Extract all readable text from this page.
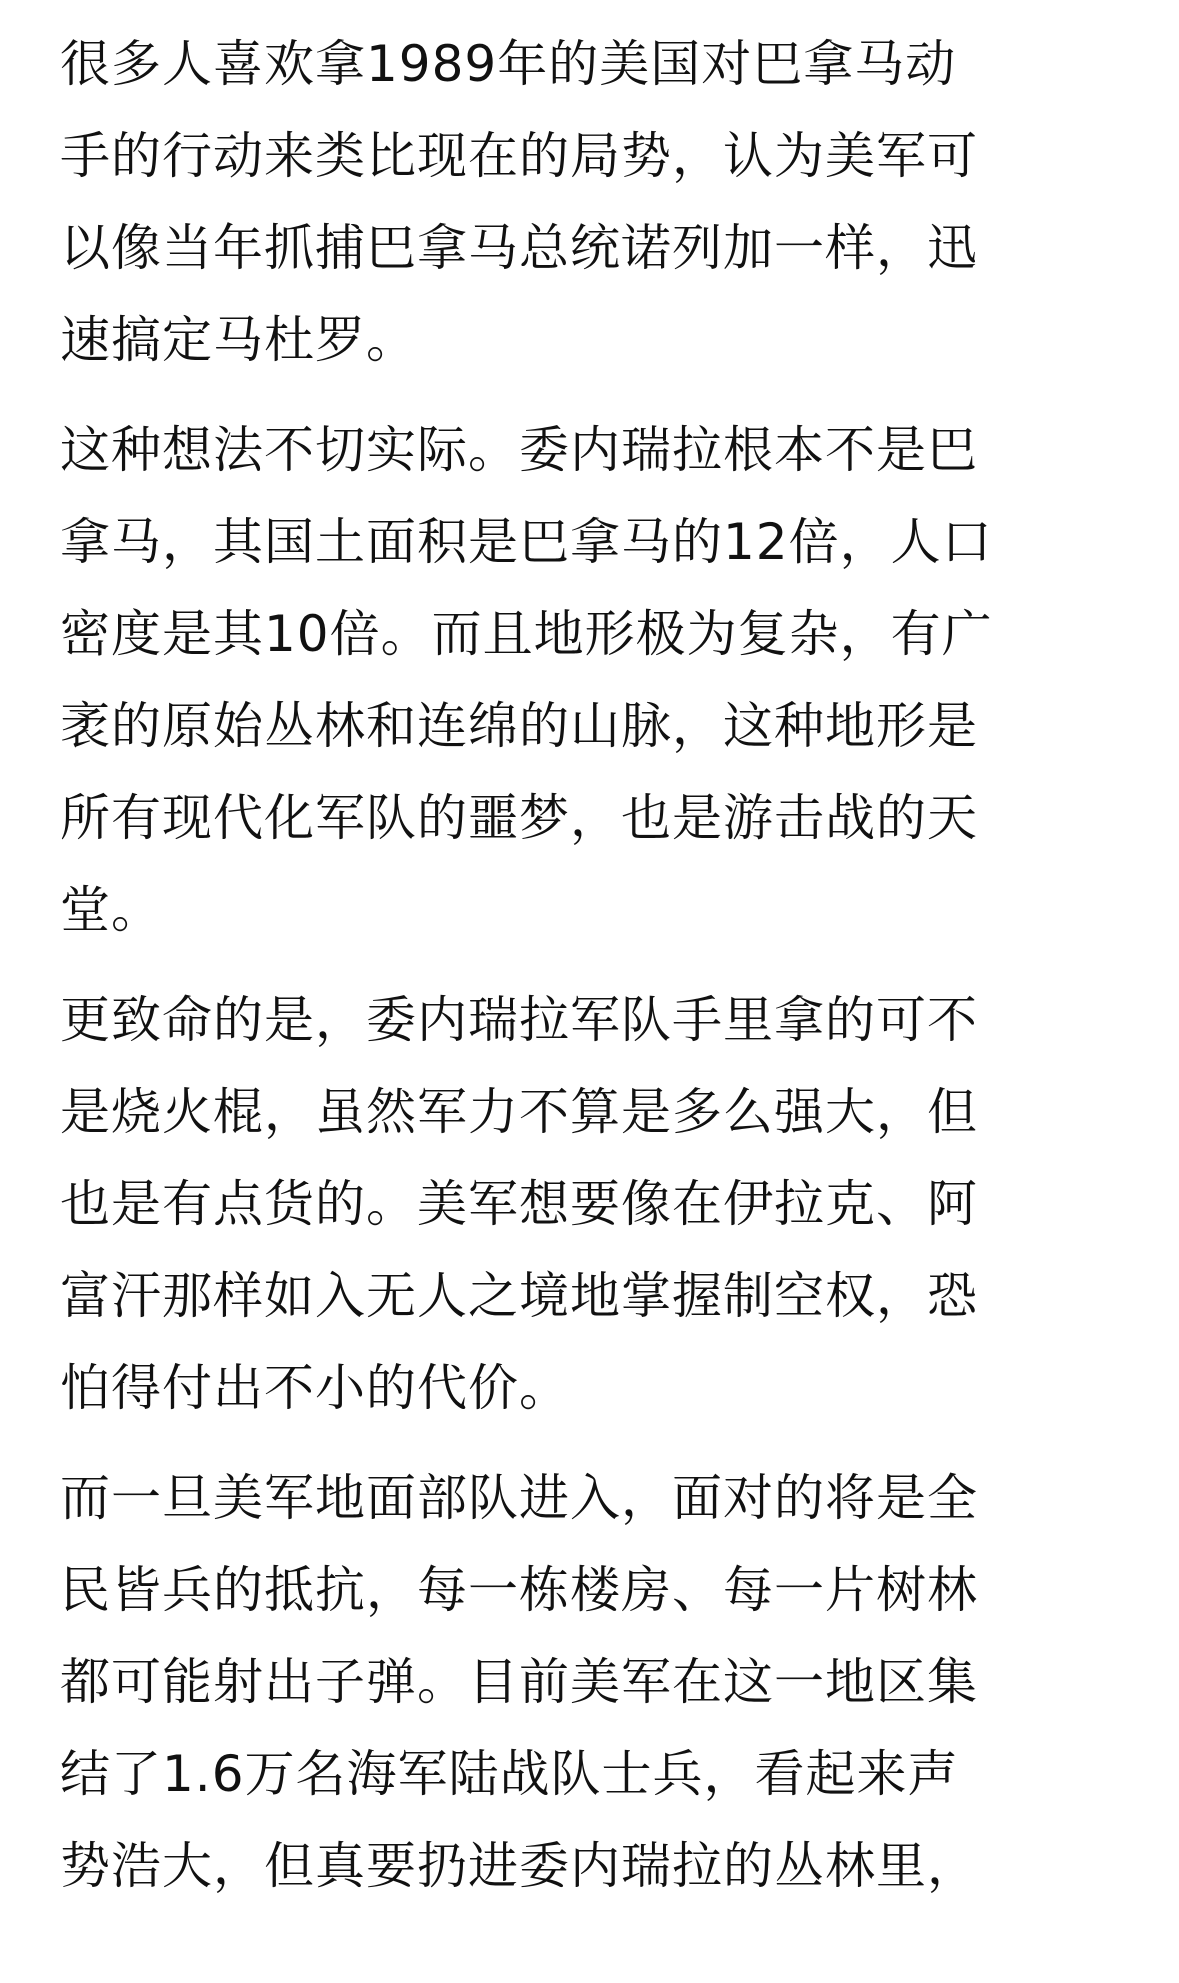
很多人喜欢拿1989年的美国对巴拿马动
手的行动来类比现在的局势，认为美军可
以像当年抓捕巴拿马总统诺列加一样，迅
速搞定马杜罗。

这种想法不切实际。委内瑞拉根本不是巴
拿马，其国土面积是巴拿马的12倍，人口
密度是其10倍。而且地形极为复杂，有广
袤的原始丛林和连绵的山脉，这种地形是
所有现代化军队的噩梦，也是游击战的天
堂。

更致命的是，委内瑞拉军队手里拿的可不
是烧火棍，虽然军力不算是多么强大，但
也是有点货的。美军想要像在伊拉克、阿
富汗那样如入无人之境地掌握制空权，恐
怕得付出不小的代价。

而一旦美军地面部队进入，面对的将是全
民皆兵的抵抗，每一栋楼房、每一片树林
都可能射出子弹。目前美军在这一地区集
结了1.6万名海军陆战队士兵，看起来声
势浩大，但真要扔进委内瑞拉的丛林里，
